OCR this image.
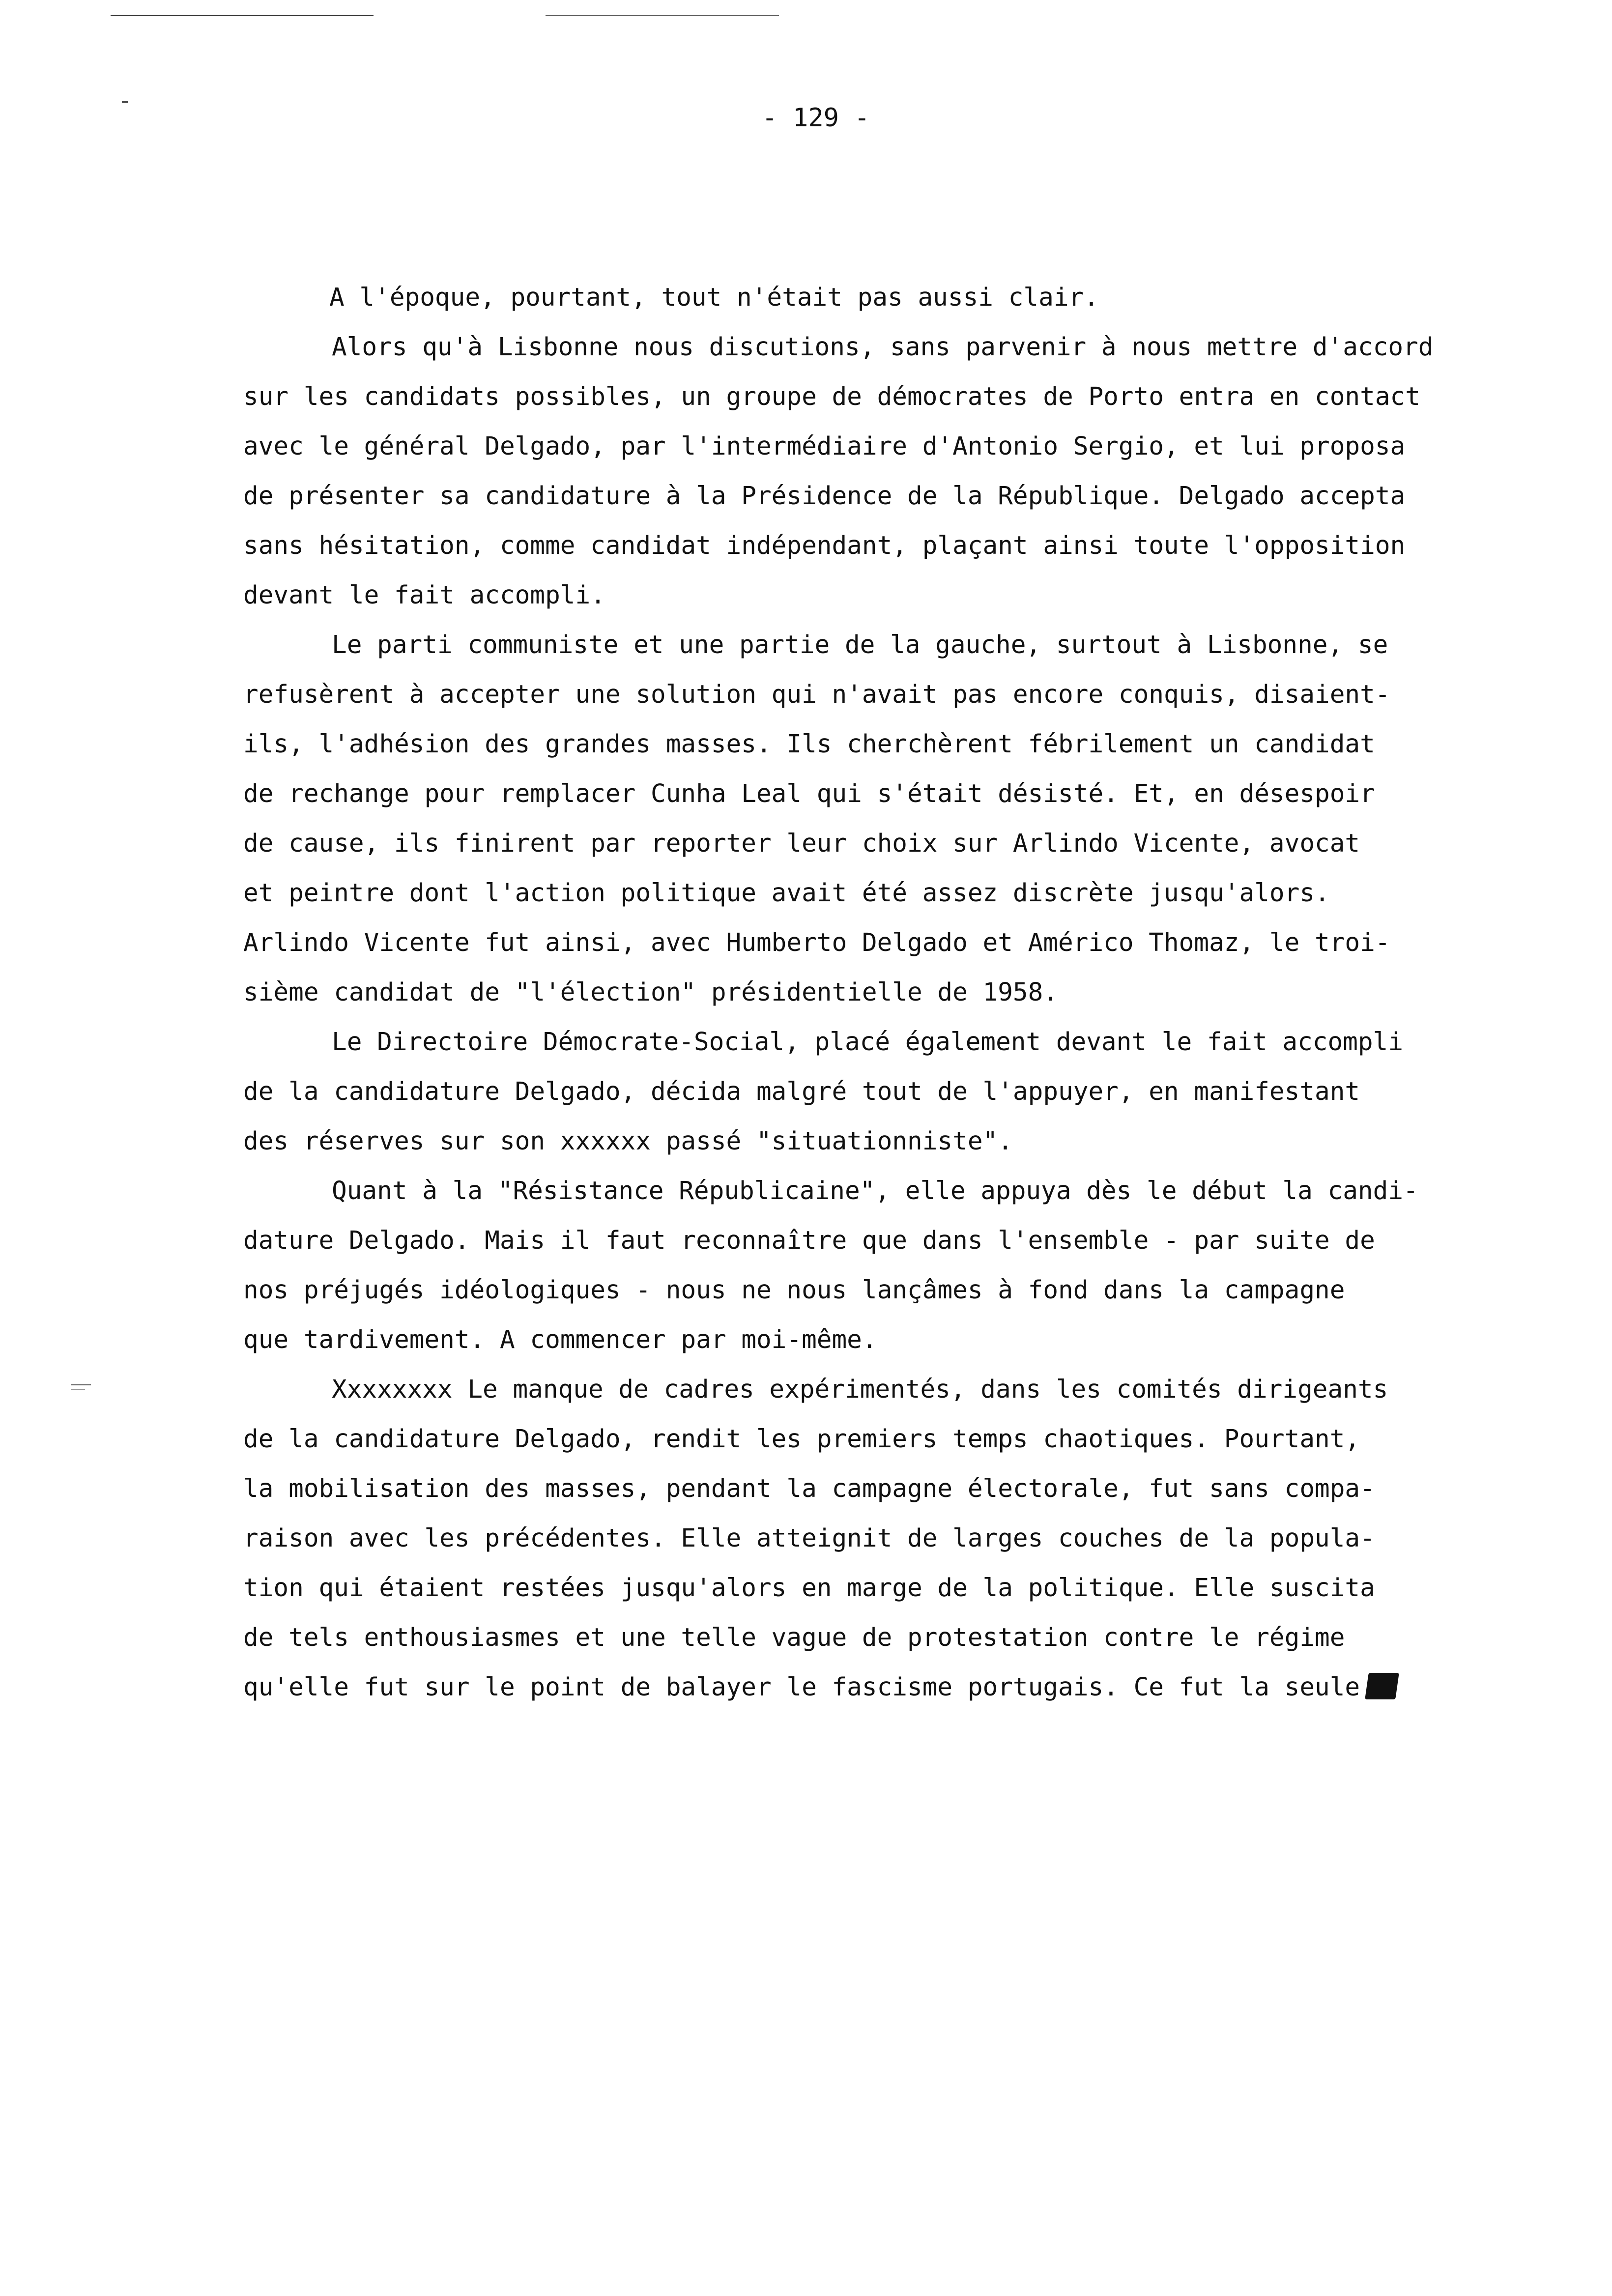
- 129 -
A l'époque, pourtant, tout n'était pas aussi clair.
Alors qu'à Lisbonne nous discutions, sans parvenir à nous mettre d'accord
sur les candidats possibles, un groupe de démocrates de Porto entra en contact
avec le général Delgado, par l'intermédiaire d'Antonio Sergio, et lui proposa
de présenter sa candidature à la Présidence de la République. Delgado accepta
sans hésitation, comme candidat indépendant, plaçant ainsi toute l'opposition
devant le fait accompli.
Le parti communiste et une partie de la gauche, surtout à Lisbonne, se
refusèrent à accepter une solution qui n'avait pas encore conquis, disaient-
ils, l'adhésion des grandes masses. Ils cherchèrent fébrilement un candidat
de rechange pour remplacer Cunha Leal qui s'était désisté. Et, en désespoir
de cause, ils finirent par reporter leur choix sur Arlindo Vicente, avocat
et peintre dont l'action politique avait été assez discrète jusqu'alors.
Arlindo Vicente fut ainsi, avec Humberto Delgado et Américo Thomaz, le troi-
sième candidat de "l'élection" présidentielle de 1958.
Le Directoire Démocrate-Social, placé également devant le fait accompli
de la candidature Delgado, décida malgré tout de l'appuyer, en manifestant
des réserves sur son xxxxxx passé "situationniste".
Quant à la "Résistance Républicaine", elle appuya dès le début la candi-
dature Delgado. Mais il faut reconnaître que dans l'ensemble - par suite de
nos préjugés idéologiques - nous ne nous lançâmes à fond dans la campagne
que tardivement. A commencer par moi-même.
Xxxxxxxx Le manque de cadres expérimentés, dans les comités dirigeants
de la candidature Delgado, rendit les premiers temps chaotiques. Pourtant,
la mobilisation des masses, pendant la campagne électorale, fut sans compa-
raison avec les précédentes. Elle atteignit de larges couches de la popula-
tion qui étaient restées jusqu'alors en marge de la politique. Elle suscita
de tels enthousiasmes et une telle vague de protestation contre le régime
qu'elle fut sur le point de balayer le fascisme portugais. Ce fut la seule
